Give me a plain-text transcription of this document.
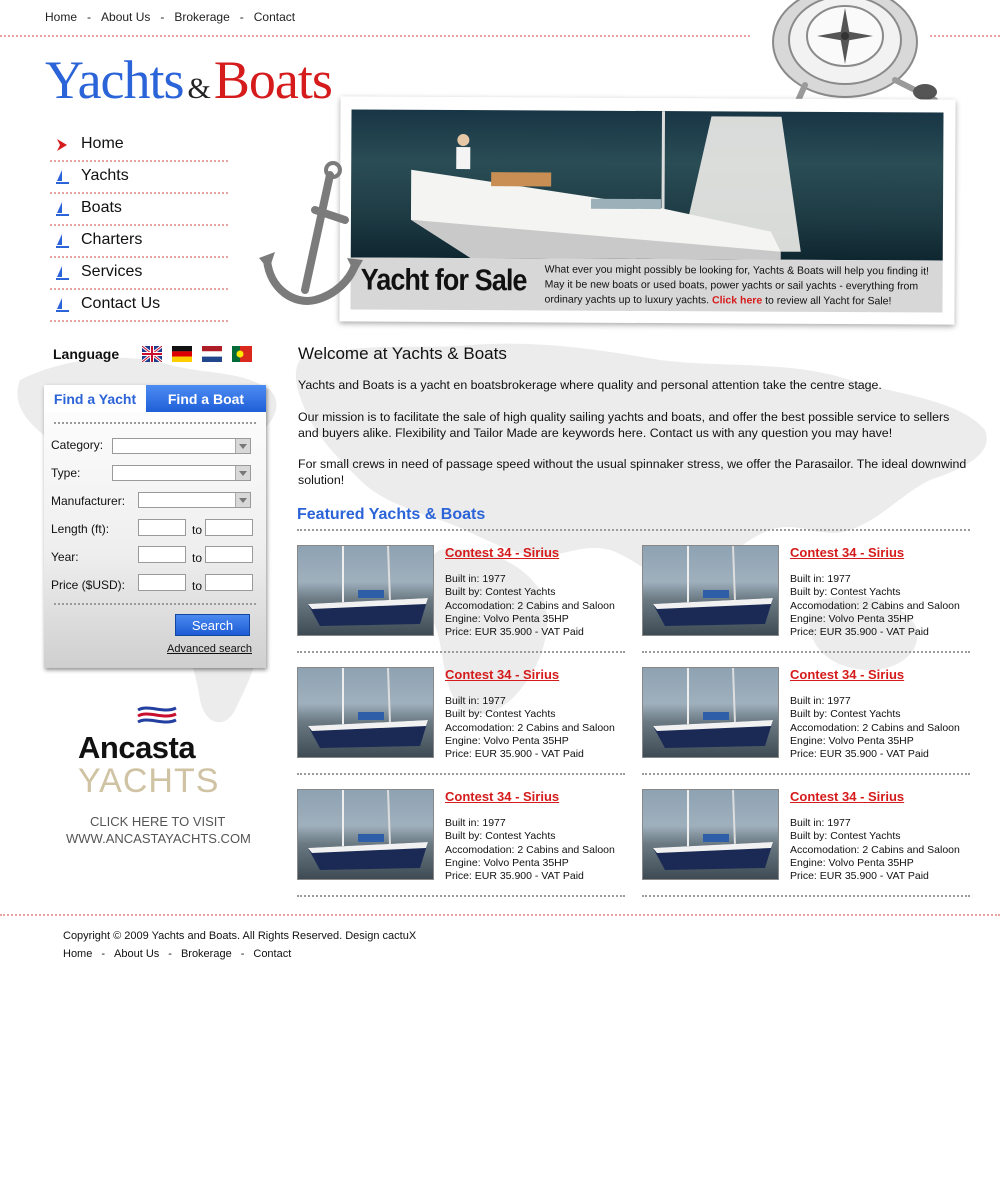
Home - About Us - Brokerage - Contact
Yachts &Boats
Home
Yachts
Boats
Charters
Services
Contact Us
Yacht for Sale What ever you might possibly be looking for, Yachts & Boats will help you finding it! May it be new boats or used boats, power yachts or sail yachts - everything from ordinary yachts up to luxury yachts. Click here to review all Yacht for Sale!
Language
Find a Yacht	Find a Boat
Category:
Type:
Manufacturer:
Length (ft):	to
Year:	to
Price ($USD):	to
Search
Advanced search
Ancasta
YACHTS
CLICK HERE TO VISIT
WWW.ANCASTAYACHTS.COM
Welcome at Yachts & Boats
Yachts and Boats is a yacht en boatsbrokerage where quality and personal attention take the centre stage.
Our mission is to facilitate the sale of high quality sailing yachts and boats, and offer the best possible service to sellers and buyers alike. Flexibility and Tailor Made are keywords here. Contact us with any question you may have!
For small crews in need of passage speed without the usual spinnaker stress, we offer the Parasailor. The ideal downwind solution!
Featured Yachts & Boats
Contest 34 - Sirius
Built in: 1977
Built by: Contest Yachts
Accomodation: 2 Cabins and Saloon
Engine: Volvo Penta 35HP
Price: EUR 35.900 - VAT Paid
Contest 34 - Sirius
Built in: 1977
Built by: Contest Yachts
Accomodation: 2 Cabins and Saloon
Engine: Volvo Penta 35HP
Price: EUR 35.900 - VAT Paid
Contest 34 - Sirius
Built in: 1977
Built by: Contest Yachts
Accomodation: 2 Cabins and Saloon
Engine: Volvo Penta 35HP
Price: EUR 35.900 - VAT Paid
Contest 34 - Sirius
Built in: 1977
Built by: Contest Yachts
Accomodation: 2 Cabins and Saloon
Engine: Volvo Penta 35HP
Price: EUR 35.900 - VAT Paid
Contest 34 - Sirius
Built in: 1977
Built by: Contest Yachts
Accomodation: 2 Cabins and Saloon
Engine: Volvo Penta 35HP
Price: EUR 35.900 - VAT Paid
Contest 34 - Sirius
Built in: 1977
Built by: Contest Yachts
Accomodation: 2 Cabins and Saloon
Engine: Volvo Penta 35HP
Price: EUR 35.900 - VAT Paid
Copyright © 2009 Yachts and Boats. All Rights Reserved. Design cactuX
Home - About Us - Brokerage - Contact
